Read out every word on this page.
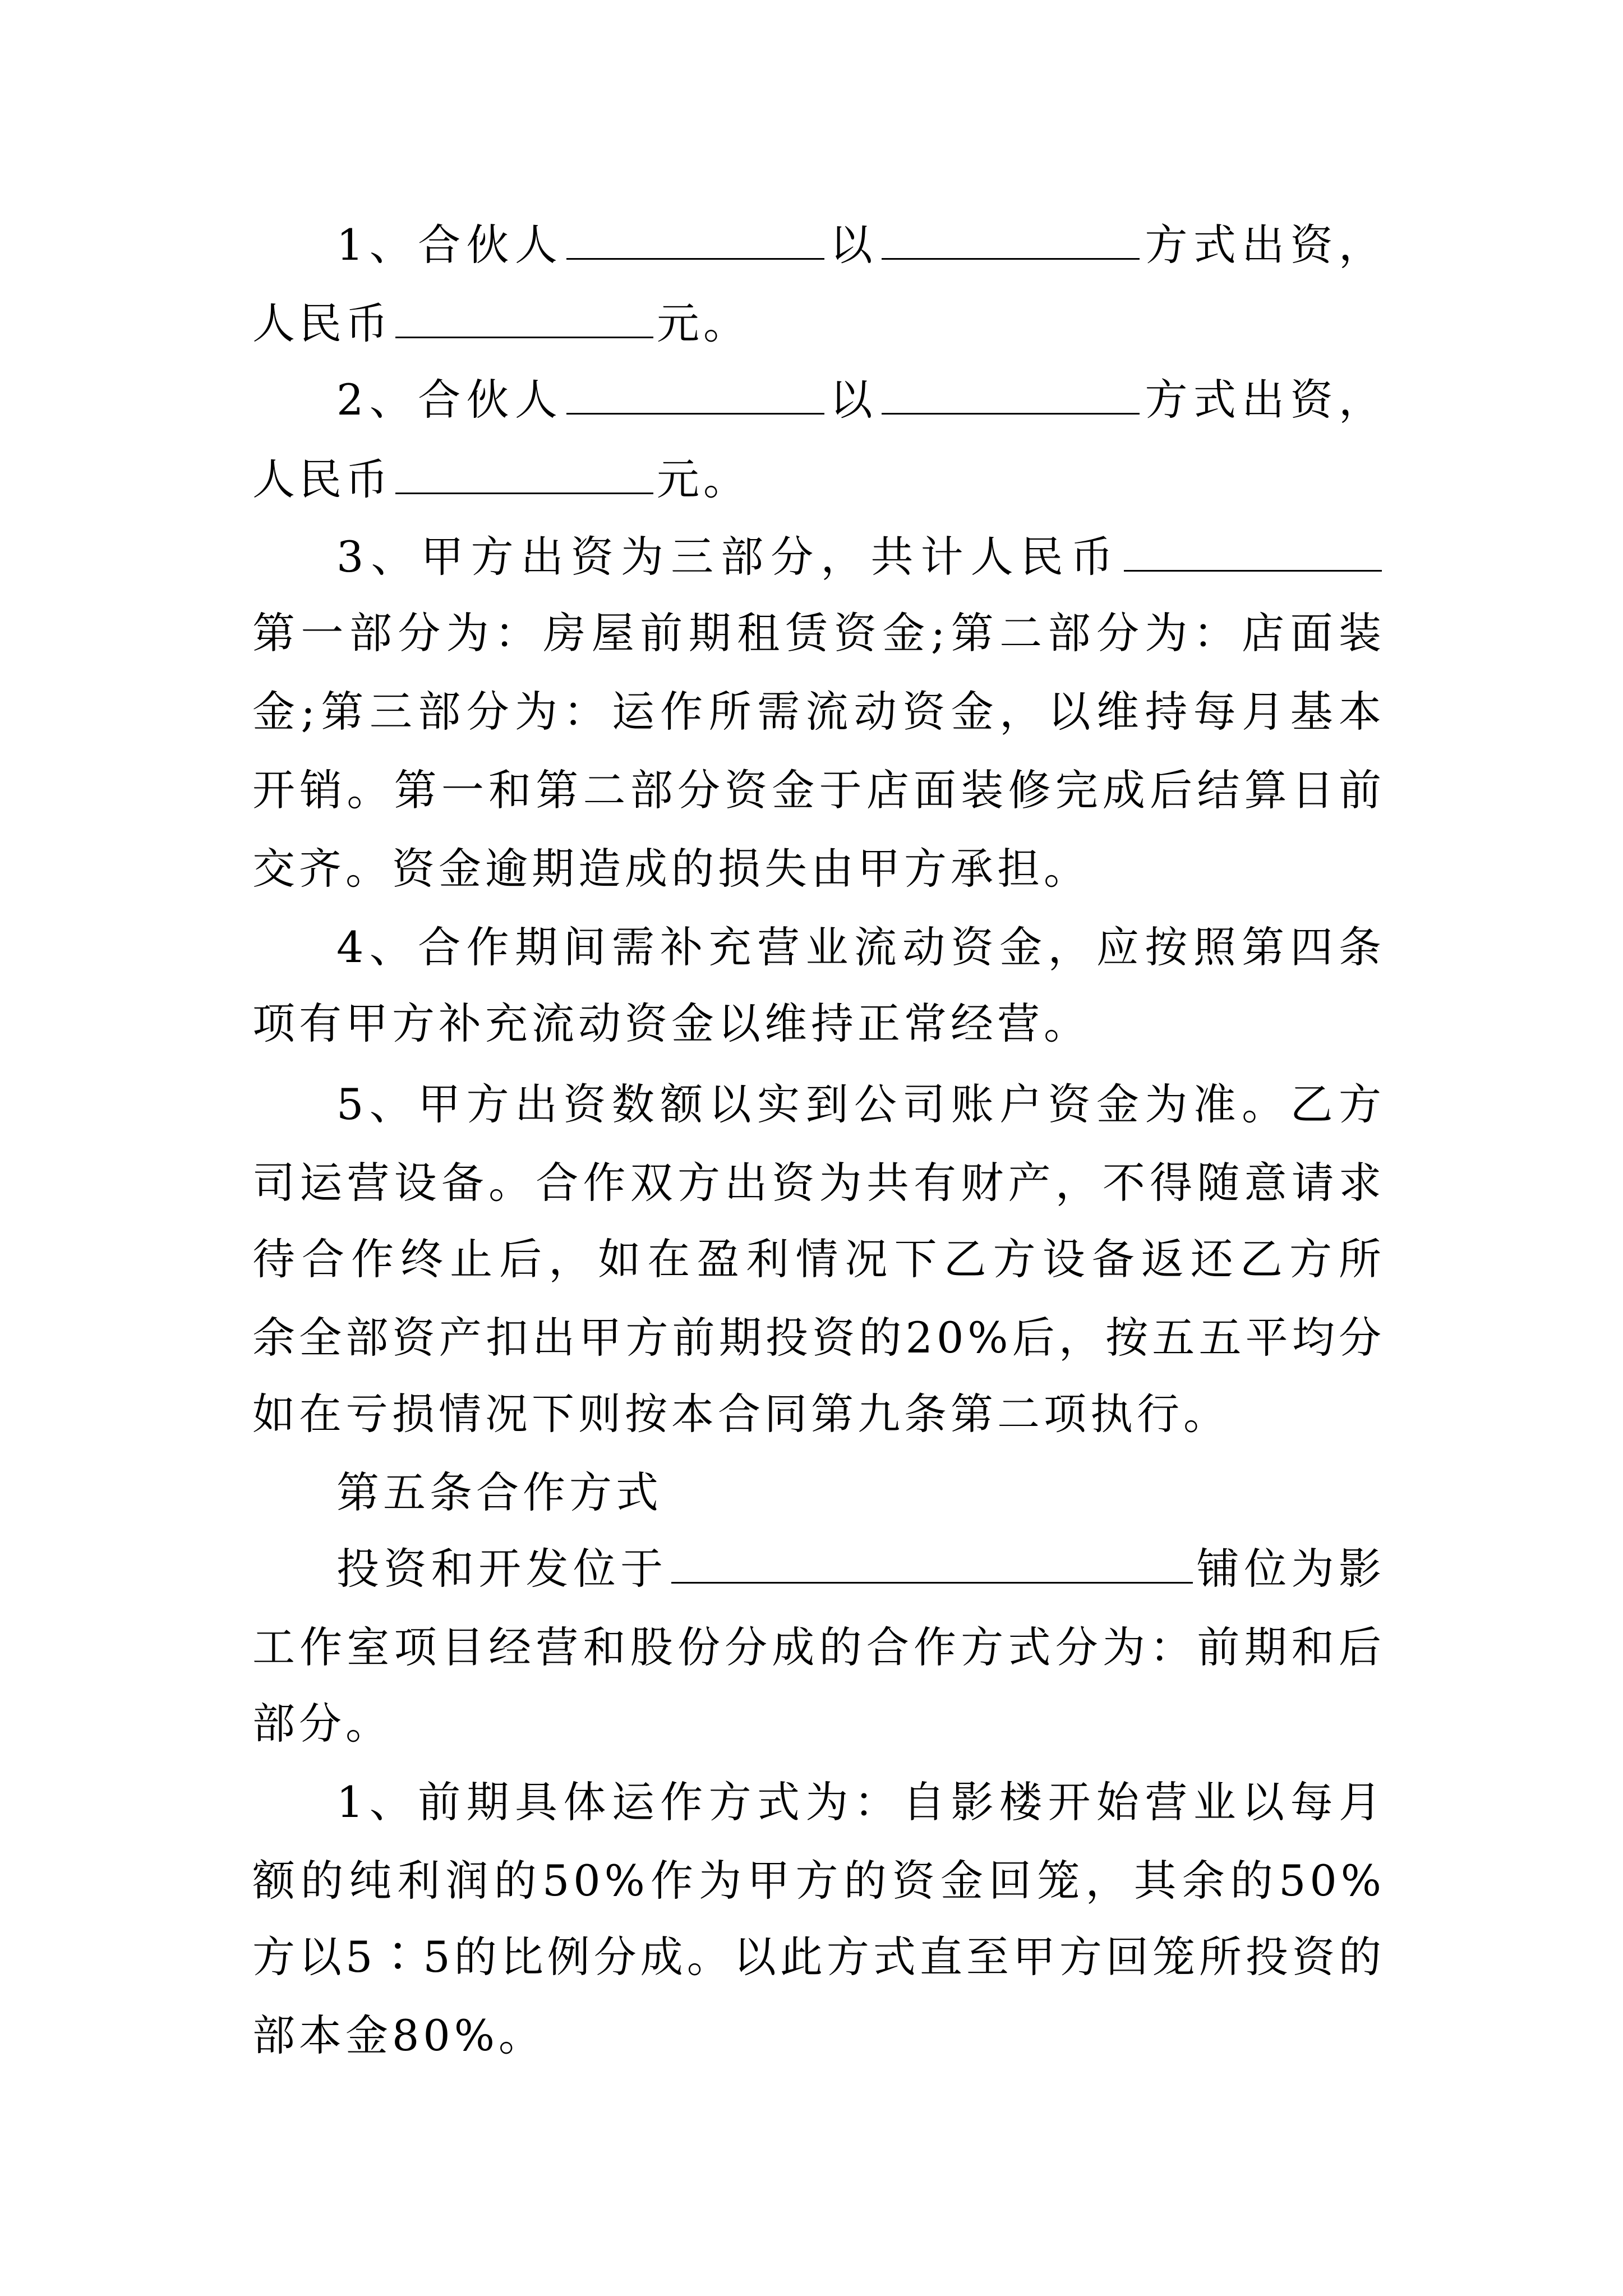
1、合伙人	以	方式出资，
人民币	元。
2、合伙人	以	方式出资，
人民币	元。
3、甲方出资为三部分，共计人民币
第一部分为：房屋前期租赁资金;第二部分为：店面装
金;第三部分为：运作所需流动资金，以维持每月基本
开销。第一和第二部分资金于店面装修完成后结算日前
交齐。资金逾期造成的损失由甲方承担。
4、合作期间需补充营业流动资金，应按照第四条
项有甲方补充流动资金以维持正常经营。
5、甲方出资数额以实到公司账户资金为准。乙方
司运营设备。合作双方出资为共有财产，不得随意请求
待合作终止后，如在盈利情况下乙方设备返还乙方所
余全部资产扣出甲方前期投资的20%后，按五五平均分
如在亏损情况下则按本合同第九条第二项执行。
第五条合作方式
投资和开发位于	铺位为影
工作室项目经营和股份分成的合作方式分为：前期和后
部分。
1、前期具体运作方式为：自影楼开始营业以每月
额的纯利润的50%作为甲方的资金回笼，其余的50%
方以5∶5的比例分成。以此方式直至甲方回笼所投资的
部本金80%。
